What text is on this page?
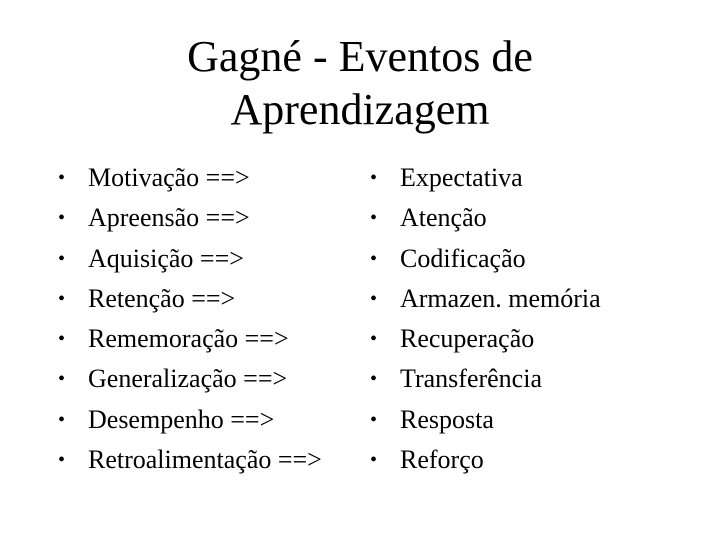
Gagné - Eventos de
Aprendizagem
• Motivação ==>
• Apreensão ==>
• Aquisição ==>
• Retenção ==>
• Rememoração ==>
• Generalização ==>
• Desempenho ==>
• Retroalimentação ==>
• Expectativa
• Atenção
• Codificação
• Armazen. memória
• Recuperação
• Transferência
• Resposta
• Reforço
